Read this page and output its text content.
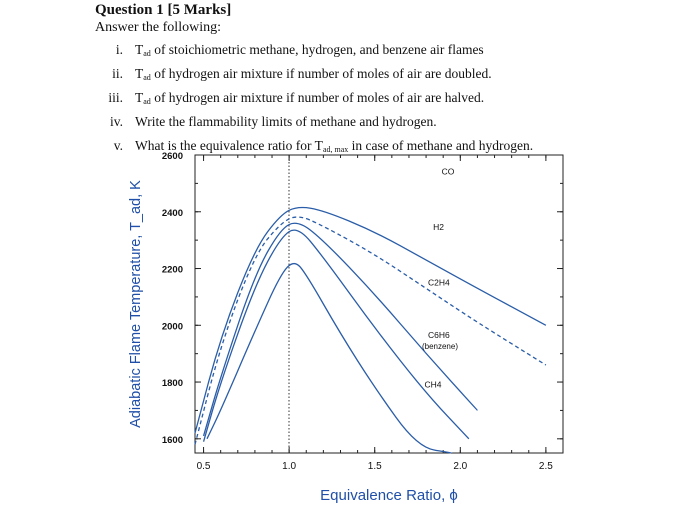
Question 1 [5 Marks]
Answer the following:
i. $T_{ad}$ of stoichiometric methane, hydrogen, and benzene air flames
ii. $T_{ad}$ of hydrogen air mixture if number of moles of air are doubled.
iii. $T_{ad}$ of hydrogen air mixture if number of moles of air are halved.
iv. Write the flammability limits of methane and hydrogen.
v. What is the equivalence ratio for $T_{ad, max}$ in case of methane and hydrogen.
0.5	1.0	1.5	2.0	2.5
1600
1800
2000
2200
2400
2600
Equivalence Ratio, ϕ
Adiabatic Flame Temperature, T_ad, K
CO
H2
C2H4
C6H6
(benzene)
CH4
